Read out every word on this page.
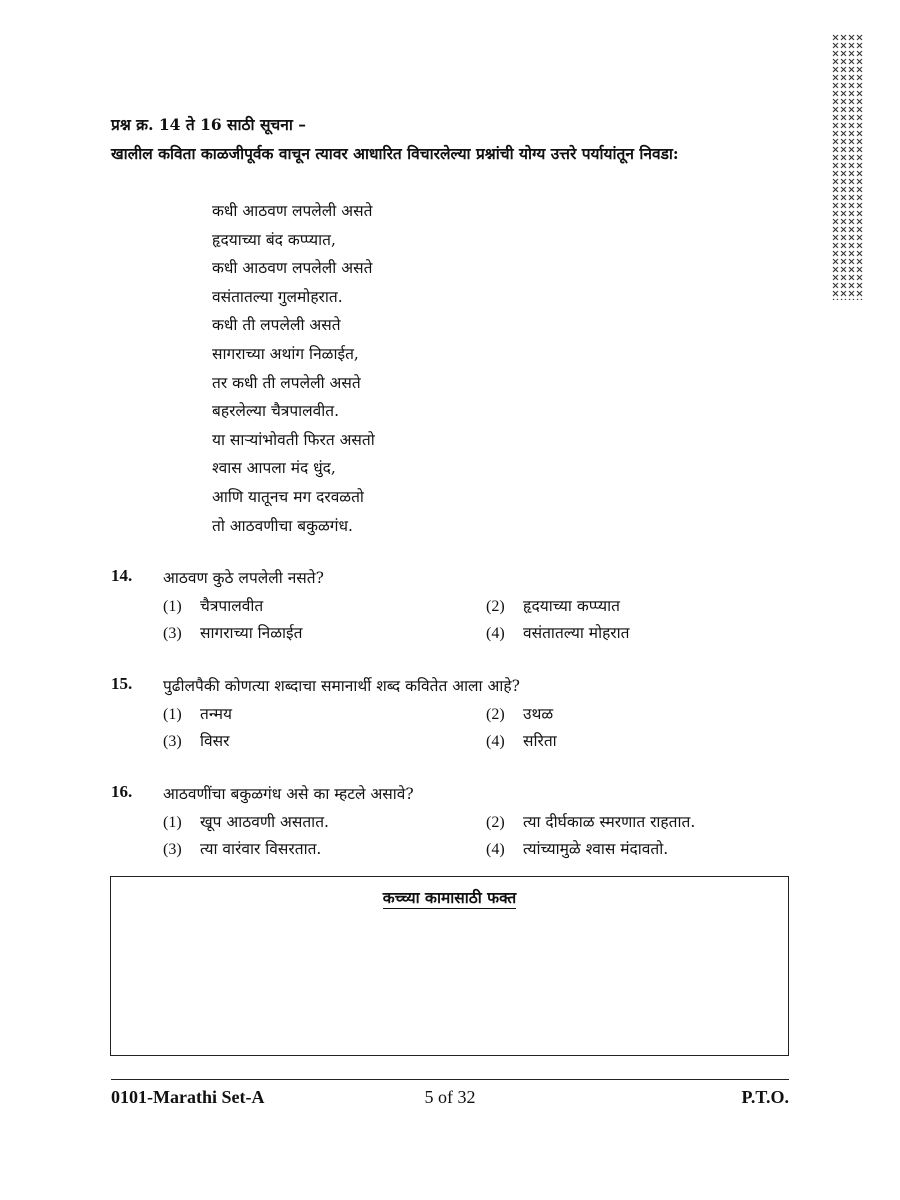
प्रश्न क्र. 14 ते 16 साठी सूचना –
खालील कविता काळजीपूर्वक वाचून त्यावर आधारित विचारलेल्या प्रश्नांची योग्य उत्तरे पर्यायांतून निवडा:
कधी आठवण लपलेली असते
हृदयाच्या बंद कप्प्यात,
कधी आठवण लपलेली असते
वसंतातल्या गुलमोहरात.
कधी ती लपलेली असते
सागराच्या अथांग निळाईत,
तर कधी ती लपलेली असते
बहरलेल्या चैत्रपालवीत.
या साऱ्यांभोवती फिरत असतो
श्वास आपला मंद धुंद,
आणि यातूनच मग दरवळतो
तो आठवणीचा बकुळगंध.
14. आठवण कुठे लपलेली नसते?
(1) चैत्रपालवीत	(2) हृदयाच्या कप्प्यात
(3) सागराच्या निळाईत	(4) वसंतातल्या मोहरात
15. पुढीलपैकी कोणत्या शब्दाचा समानार्थी शब्द कवितेत आला आहे?
(1) तन्मय	(2) उथळ
(3) विसर	(4) सरिता
16. आठवणींचा बकुळगंध असे का म्हटले असावे?
(1) खूप आठवणी असतात.	(2) त्या दीर्घकाळ स्मरणात राहतात.
(3) त्या वारंवार विसरतात.	(4) त्यांच्यामुळे श्वास मंदावतो.
कच्च्या कामासाठी फक्त
0101-Marathi Set-A	5 of 32	P.T.O.
